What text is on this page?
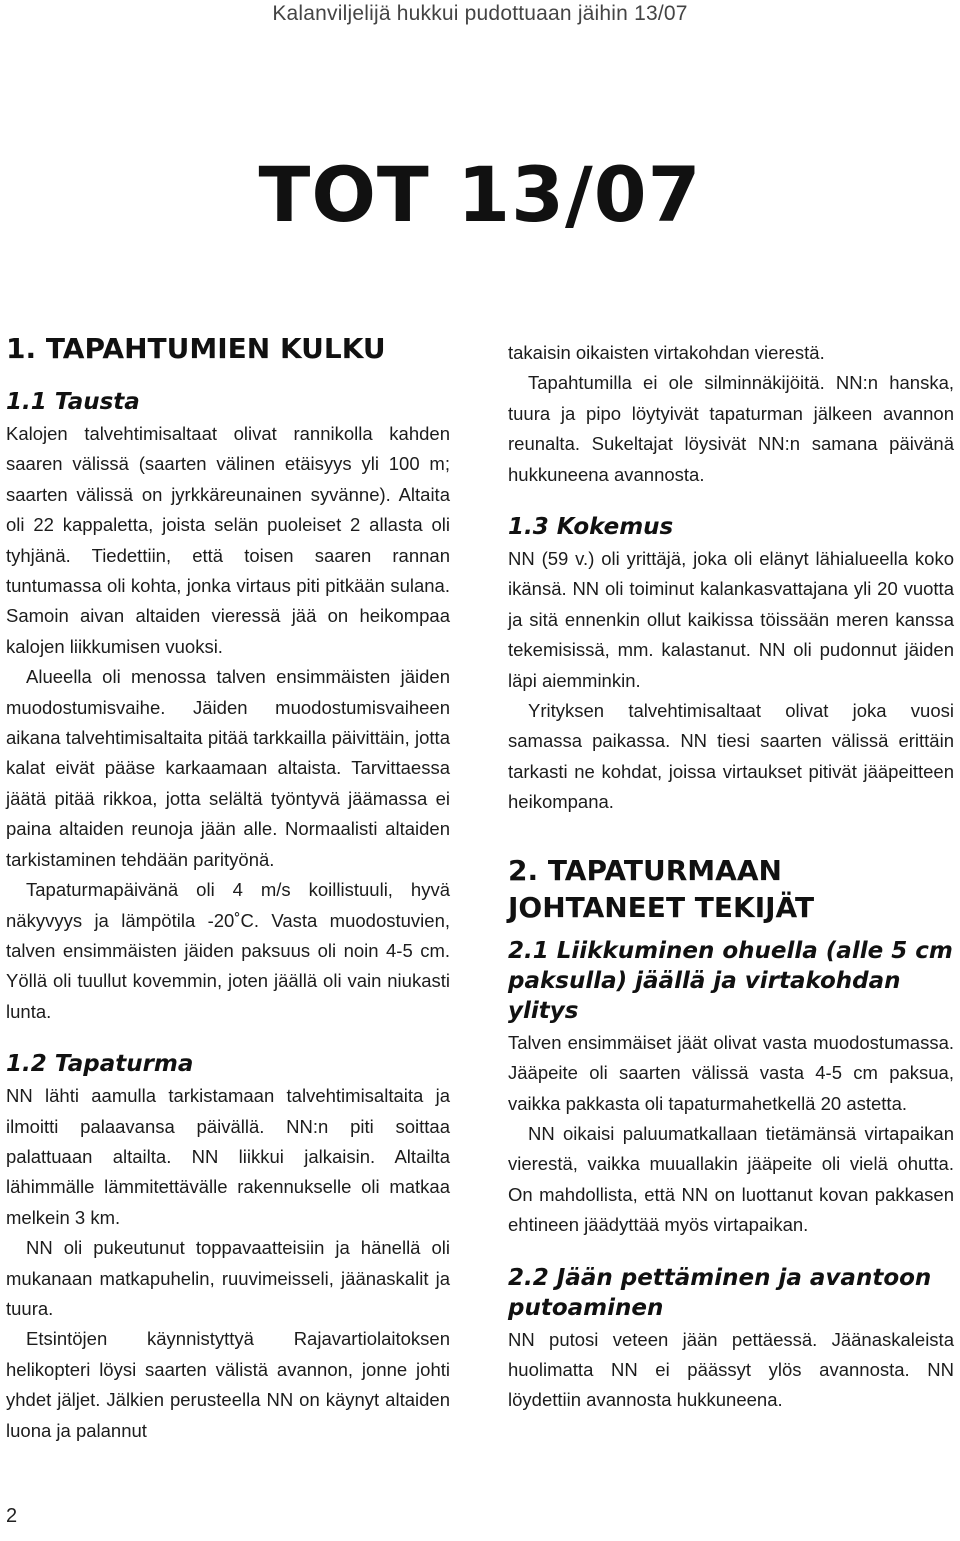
Kalanviljelijä hukkui pudottuaan jäihin 13/07
TOT 13/07
1. TAPAHTUMIEN KULKU
1.1 Tausta

Kalojen talvehtimisaltaat olivat rannikolla kahden saaren välissä (saarten välinen etäisyys yli 100 m; saarten välissä on jyrkkäreunainen syvänne). Altaita oli 22 kappaletta, joista selän puoleiset 2 allasta oli tyhjänä. Tiedettiin, että toisen saaren rannan tuntumassa oli kohta, jonka virtaus piti pitkään sulana. Samoin aivan altaiden vieressä jää on heikompaa kalojen liikkumisen vuoksi.

Alueella oli menossa talven ensimmäisten jäiden muodostumisvaihe. Jäiden muodostumisvaiheen aikana talvehtimisaltaita pitää tarkkailla päivittäin, jotta kalat eivät pääse karkaamaan altaista. Tarvittaessa jäätä pitää rikkoa, jotta selältä työntyvä jäämassa ei paina altaiden reunoja jään alle. Normaalisti altaiden tarkistaminen tehdään parityönä.

Tapaturmapäivänä oli 4 m/s koillistuuli, hyvä näkyvyys ja lämpötila -20˚C. Vasta muodostuvien, talven ensimmäisten jäiden paksuus oli noin 4-5 cm. Yöllä oli tuullut kovemmin, joten jäällä oli vain niukasti lunta.

1.2 Tapaturma

NN lähti aamulla tarkistamaan talvehtimisaltaita ja ilmoitti palaavansa päivällä. NN:n piti soittaa palattuaan altailta. NN liikkui jalkaisin. Altailta lähimmälle lämmitettävälle rakennukselle oli matkaa melkein 3 km.

NN oli pukeutunut toppavaatteisiin ja hänellä oli mukanaan matkapuhelin, ruuvimeisseli, jäänaskalit ja tuura.

Etsintöjen käynnistyttyä Rajavartiolaitoksen helikopteri löysi saarten välistä avannon, jonne johti yhdet jäljet. Jälkien perusteella NN on käynyt altaiden luona ja palannut

takaisin oikaisten virtakohdan vierestä.

Tapahtumilla ei ole silminnäkijöitä. NN:n hanska, tuura ja pipo löytyivät tapaturman jälkeen avannon reunalta. Sukeltajat löysivät NN:n samana päivänä hukkuneena avannosta.

1.3 Kokemus

NN (59 v.) oli yrittäjä, joka oli elänyt lähialueella koko ikänsä. NN oli toiminut kalankasvattajana yli 20 vuotta ja sitä ennenkin ollut kaikissa töissään meren kanssa tekemisissä, mm. kalastanut. NN oli pudonnut jäiden läpi aiemminkin.

Yrityksen talvehtimisaltaat olivat joka vuosi samassa paikassa. NN tiesi saarten välissä erittäin tarkasti ne kohdat, joissa virtaukset pitivät jääpeitteen heikompana.

2. TAPATURMAAN JOHTANEET TEKIJÄT
2.1 Liikkuminen ohuella (alle 5 cm paksulla) jäällä ja virtakohdan ylitys

Talven ensimmäiset jäät olivat vasta muodostumassa. Jääpeite oli saarten välissä vasta 4-5 cm paksua, vaikka pakkasta oli tapaturmahetkellä 20 astetta.

NN oikaisi paluumatkallaan tietämänsä virtapaikan vierestä, vaikka muuallakin jääpeite oli vielä ohutta. On mahdollista, että NN on luottanut kovan pakkasen ehtineen jäädyttää myös virtapaikan.

2.2 Jään pettäminen ja avantoon putoaminen

NN putosi veteen jään pettäessä. Jäänaskaleista huolimatta NN ei päässyt ylös avannosta. NN löydettiin avannosta hukkuneena.

2
